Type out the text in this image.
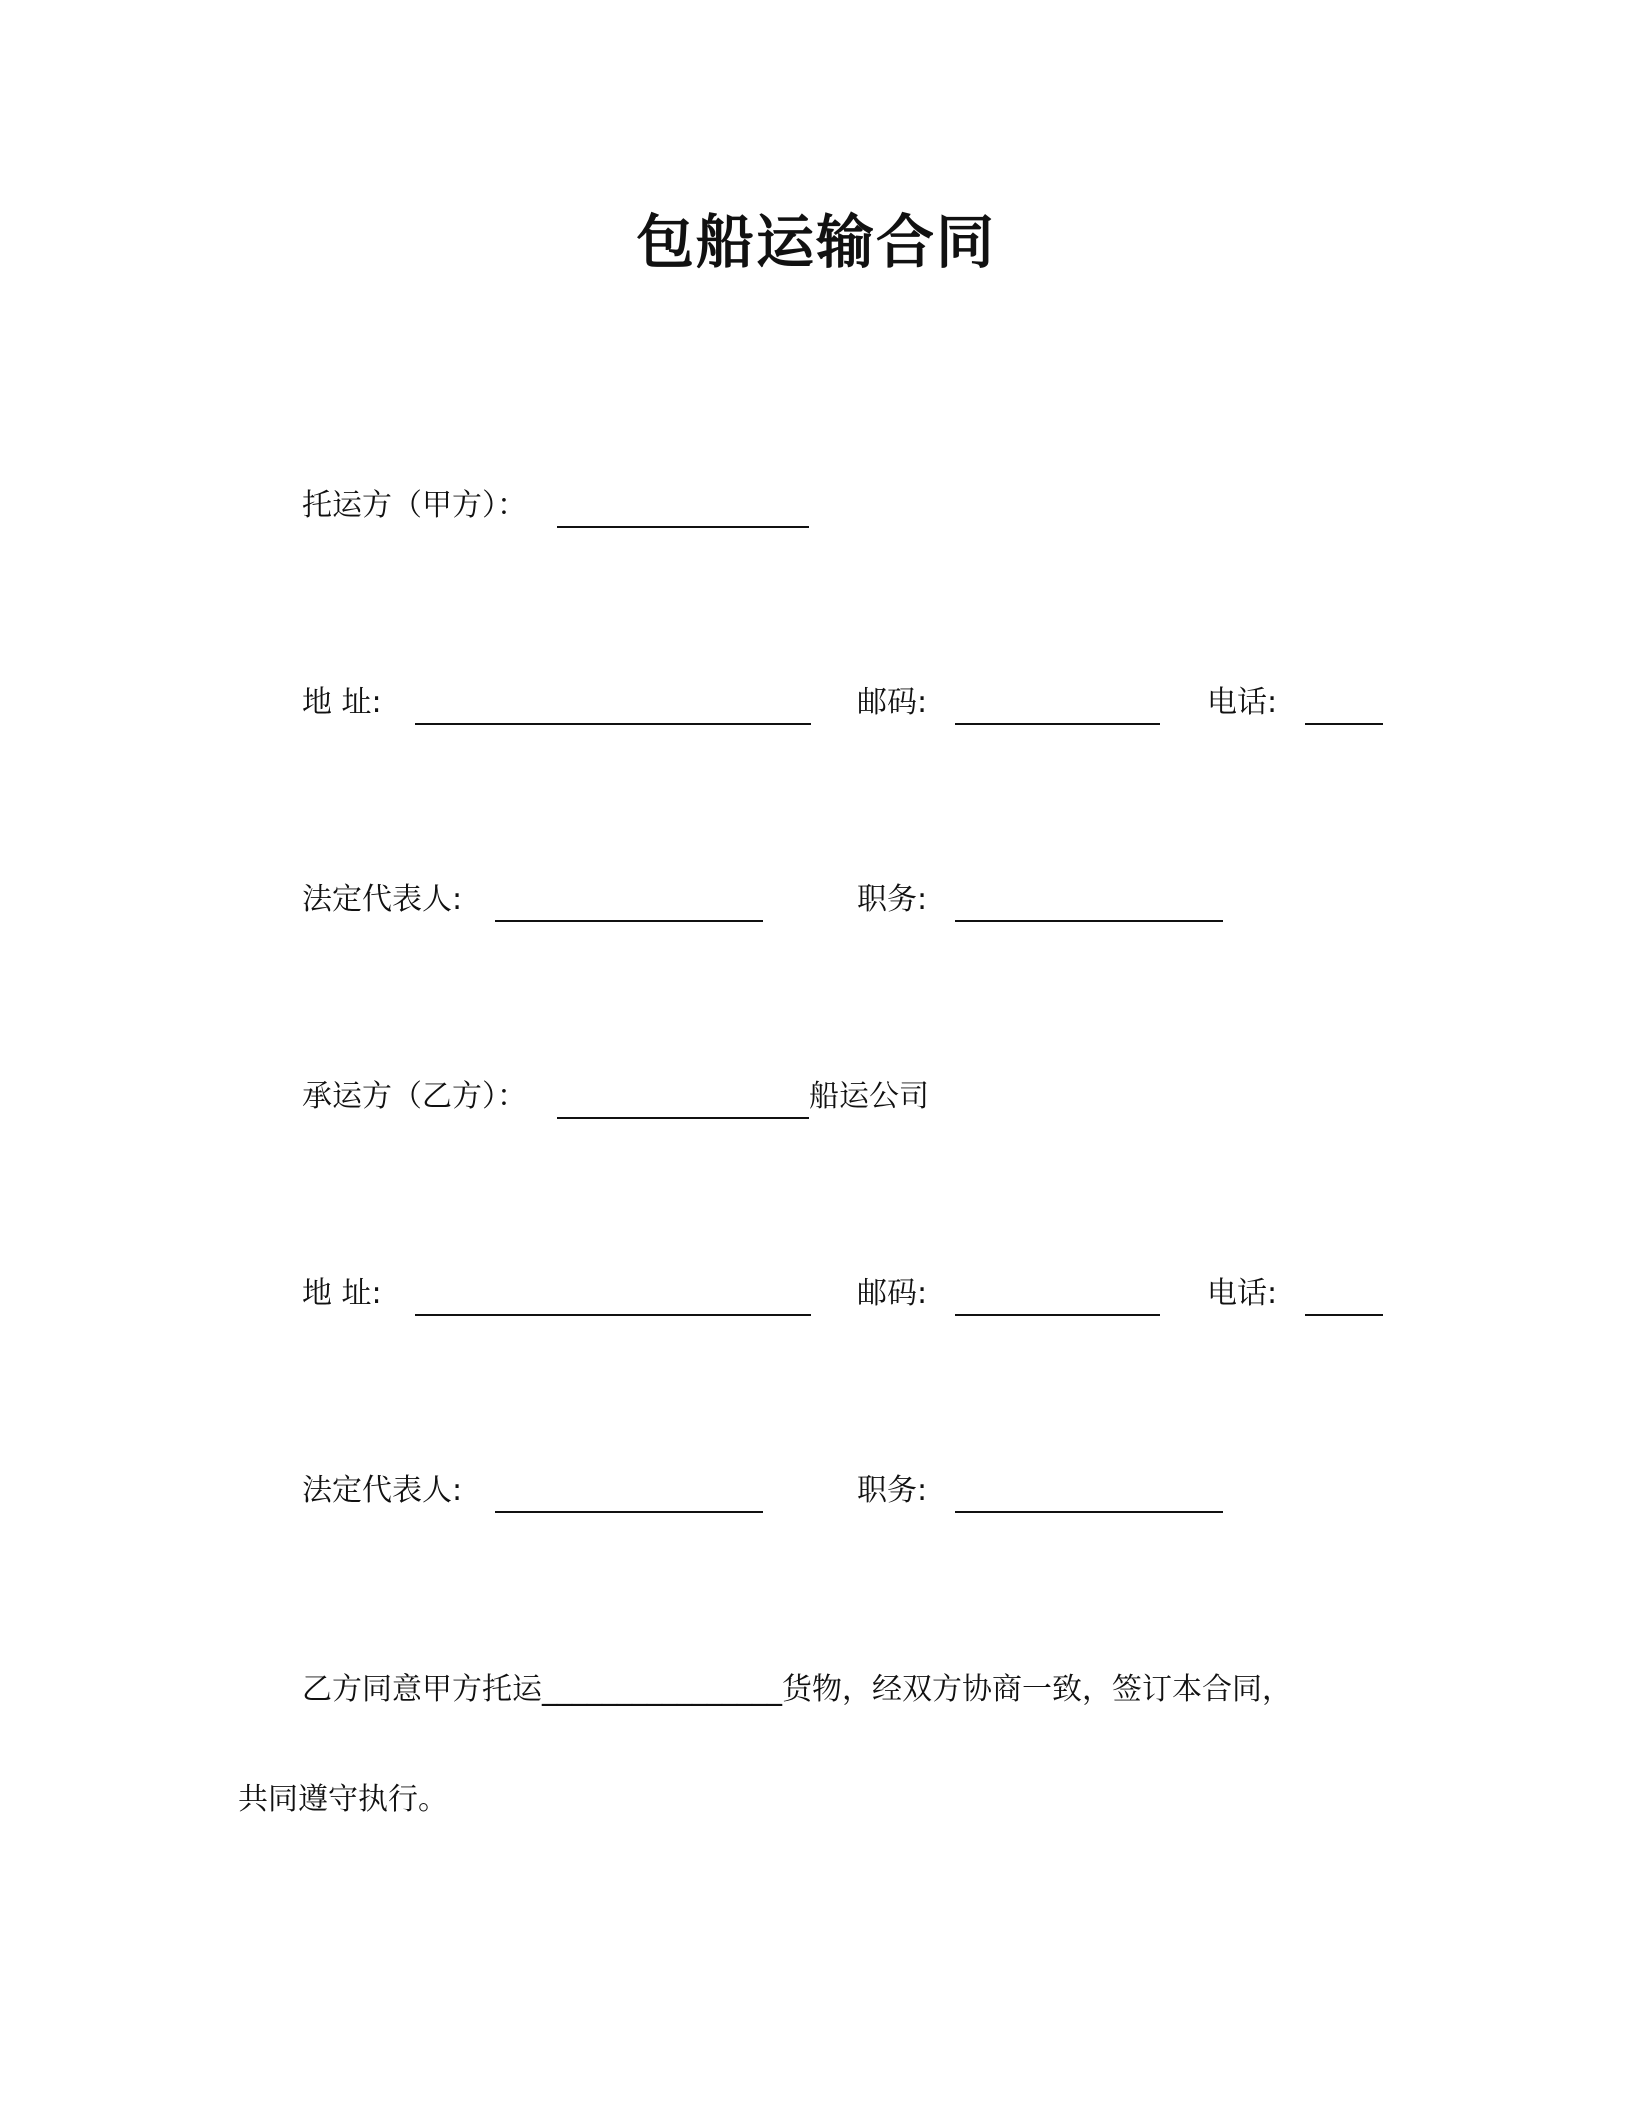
包船运输合同
托运方（甲方）：
地 址:	邮码:	电话:
法定代表人:	职务:
承运方（乙方）：	船运公司
地 址:	邮码:	电话:
法定代表人:	职务:
乙方同意甲方托运________________货物，经双方协商一致，签订本合同，
共同遵守执行。
